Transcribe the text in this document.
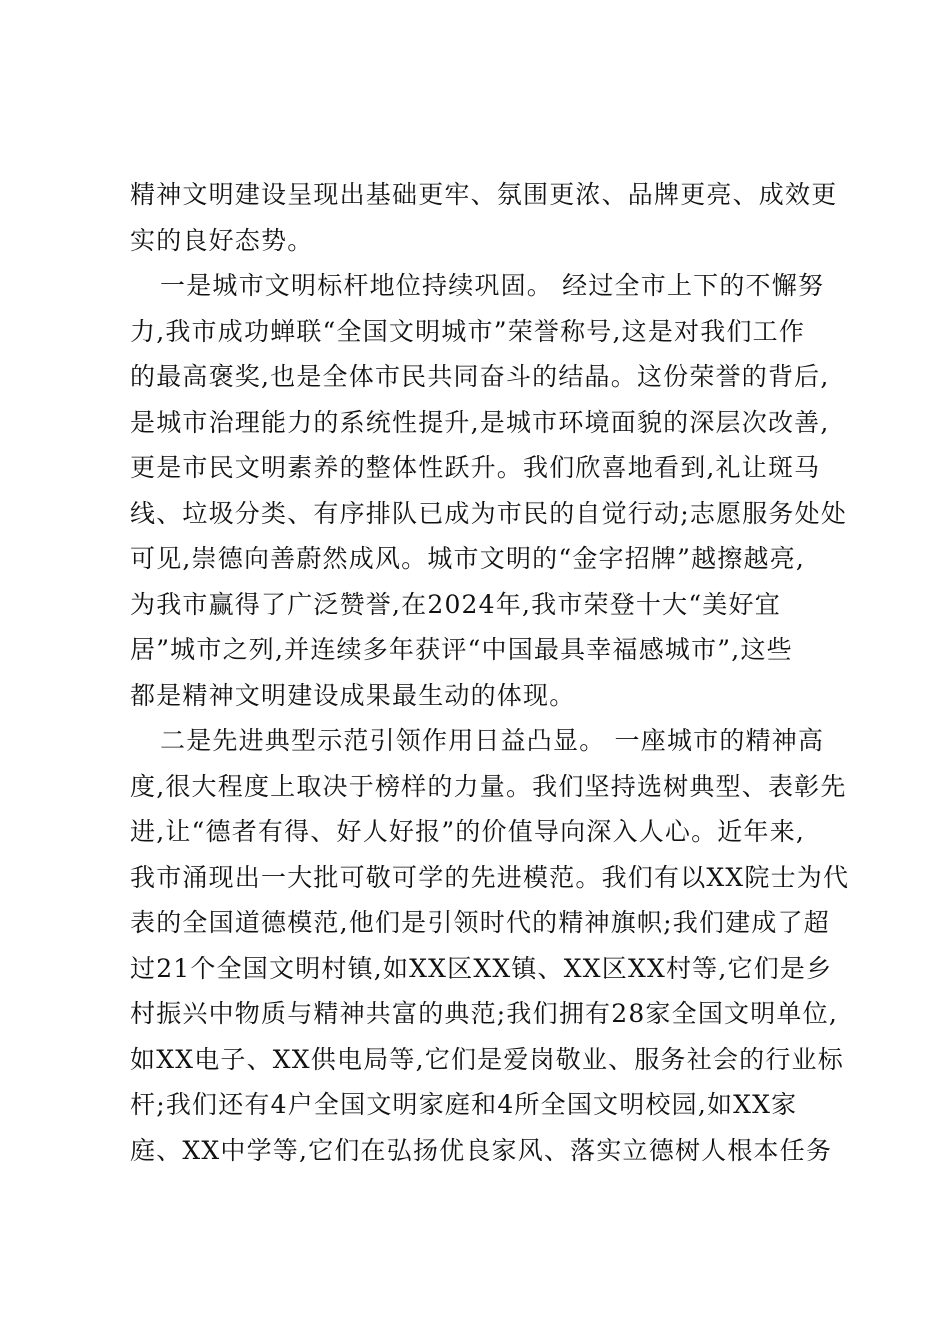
精神文明建设呈现出基础更牢、氛围更浓、品牌更亮、成效更
实的良好态势。
一是城市文明标杆地位持续巩固。 经过全市上下的不懈努
力,我市成功蝉联“全国文明城市”荣誉称号,这是对我们工作
的最高褒奖,也是全体市民共同奋斗的结晶。这份荣誉的背后,
是城市治理能力的系统性提升,是城市环境面貌的深层次改善,
更是市民文明素养的整体性跃升。我们欣喜地看到,礼让斑马
线、垃圾分类、有序排队已成为市民的自觉行动;志愿服务处处
可见,崇德向善蔚然成风。城市文明的“金字招牌”越擦越亮,
为我市赢得了广泛赞誉,在2024年,我市荣登十大“美好宜
居”城市之列,并连续多年获评“中国最具幸福感城市”,这些
都是精神文明建设成果最生动的体现。
二是先进典型示范引领作用日益凸显。 一座城市的精神高
度,很大程度上取决于榜样的力量。我们坚持选树典型、表彰先
进,让“德者有得、好人好报”的价值导向深入人心。近年来,
我市涌现出一大批可敬可学的先进模范。我们有以XX院士为代
表的全国道德模范,他们是引领时代的精神旗帜;我们建成了超
过21个全国文明村镇,如XX区XX镇、XX区XX村等,它们是乡
村振兴中物质与精神共富的典范;我们拥有28家全国文明单位,
如XX电子、XX供电局等,它们是爱岗敬业、服务社会的行业标
杆;我们还有4户全国文明家庭和4所全国文明校园,如XX家
庭、XX中学等,它们在弘扬优良家风、落实立德树人根本任务
